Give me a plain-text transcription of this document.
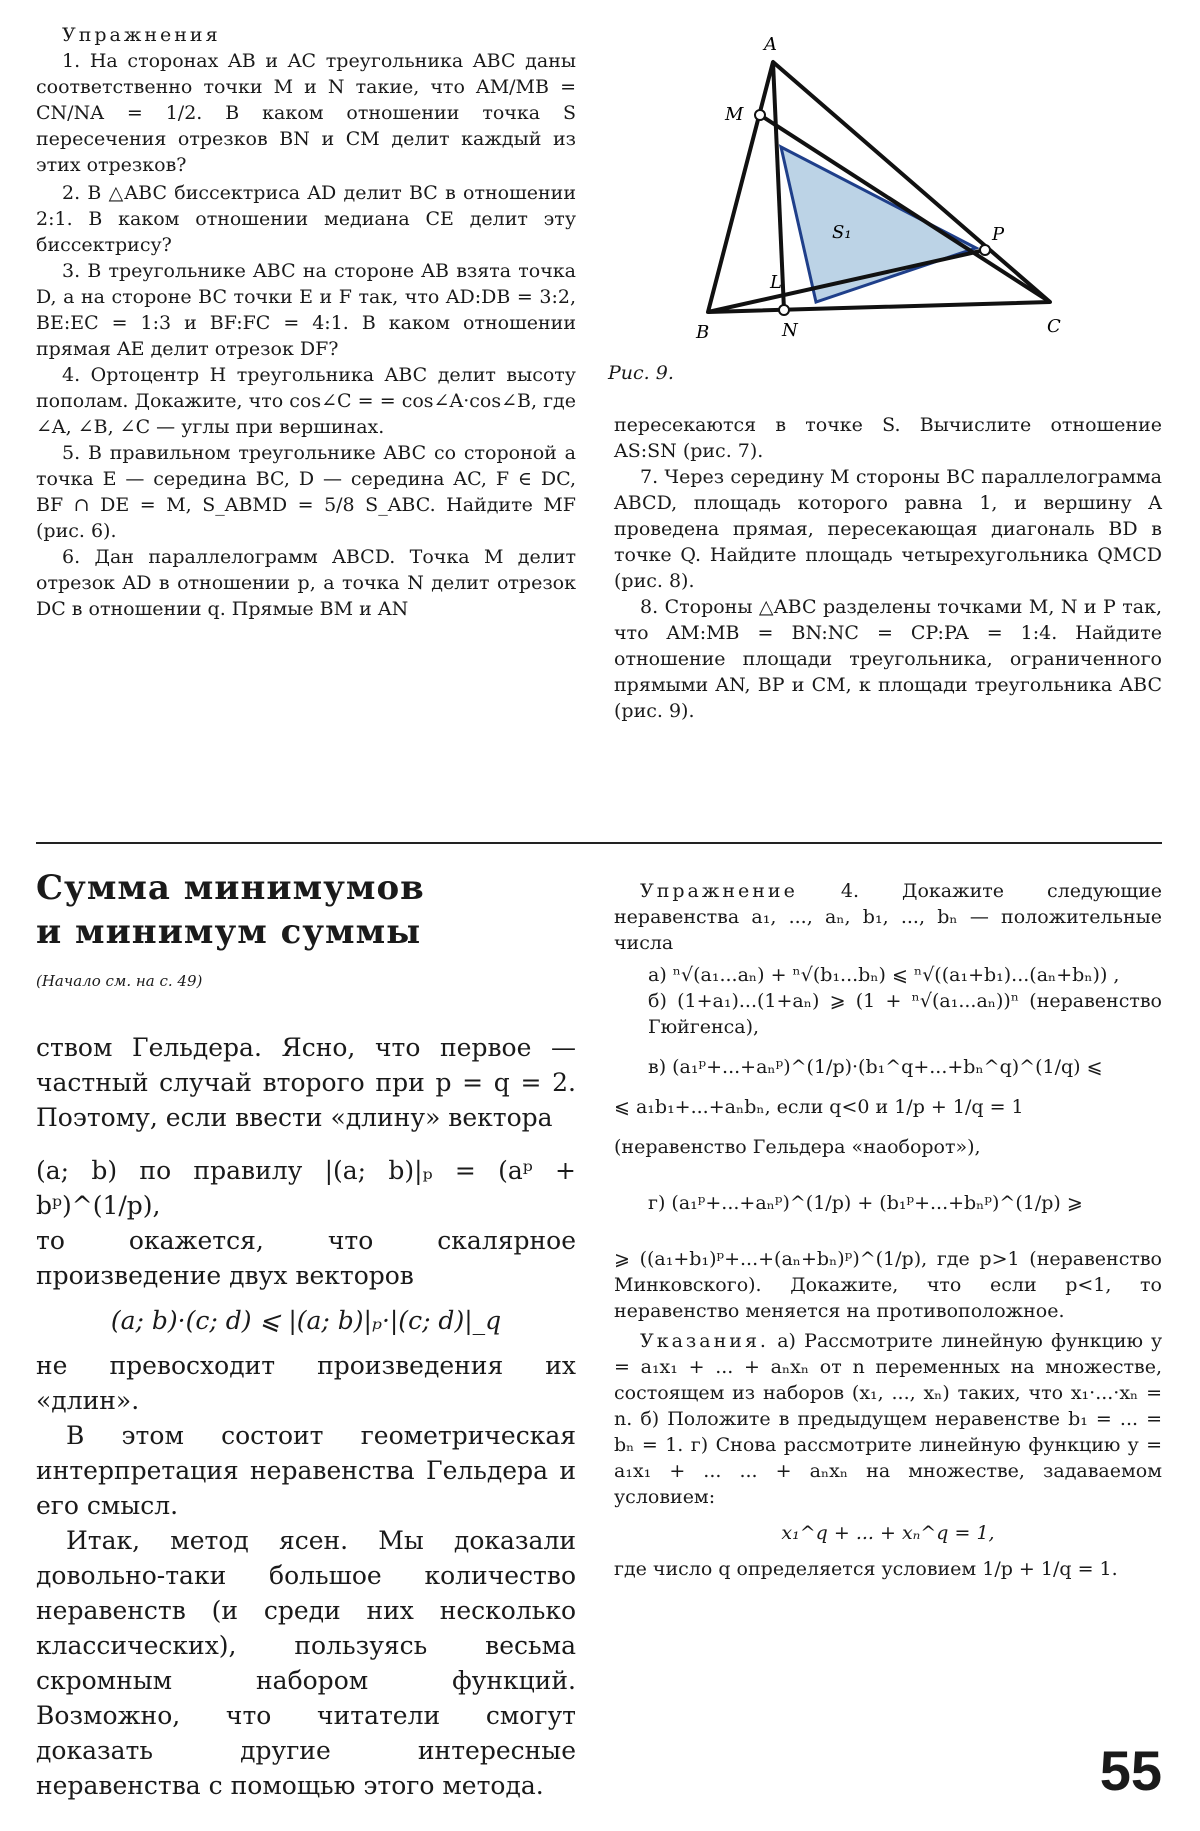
Упражнения

1. На сторонах AB и AC треугольника ABC даны соответственно точки M и N такие, что AM/MB = CN/NA = 1/2. В каком отношении точка S пересечения отрезков BN и CM делит каждый из этих отрезков?

2. В △ABC биссектриса AD делит BC в отношении 2:1. В каком отношении медиана CE делит эту биссектрису?

3. В треугольнике ABC на стороне AB взята точка D, а на стороне BC точки E и F так, что AD:DB = 3:2, BE:EC = 1:3 и BF:FC = 4:1. В каком отношении прямая AE делит отрезок DF?

4. Ортоцентр H треугольника ABC делит высоту пополам. Докажите, что cos∠C = = cos∠A·cos∠B, где ∠A, ∠B, ∠C — углы при вершинах.

5. В правильном треугольнике ABC со стороной a точка E — середина BC, D — середина AC, F ∈ DC, BF ∩ DE = M, S_ABMD = 5/8 S_ABC. Найдите MF (рис. 6).

6. Дан параллелограмм ABCD. Точка M делит отрезок AD в отношении p, а точка N делит отрезок DC в отношении q. Прямые BM и AN

A
B	C
M
N
P
L
S₁
Рис. 9.

пересекаются в точке S. Вычислите отношение AS:SN (рис. 7).

7. Через середину M стороны BC параллелограмма ABCD, площадь которого равна 1, и вершину A проведена прямая, пересекающая диагональ BD в точке Q. Найдите площадь четырехугольника QMCD (рис. 8).

8. Стороны △ABC разделены точками M, N и P так, что AM:MB = BN:NC = CP:PA = 1:4. Найдите отношение площади треугольника, ограниченного прямыми AN, BP и CM, к площади треугольника ABC (рис. 9).

Сумма минимумов
и минимум суммы

(Начало см. на с. 49)

ством Гельдера. Ясно, что первое — частный случай второго при p = q = 2. Поэтому, если ввести «длину» вектора

(a; b) по правилу |(a; b)|ₚ = (aᵖ + bᵖ)^(1/p),

то окажется, что скалярное произведение двух векторов

(a; b)·(c; d) ⩽ |(a; b)|ₚ·|(c; d)|_q

не превосходит произведения их «длин».

В этом состоит геометрическая интерпретация неравенства Гельдера и его смысл.

Итак, метод ясен. Мы доказали довольно-таки большое количество неравенств (и среди них несколько классических), пользуясь весьма скромным набором функций. Возможно, что читатели смогут доказать другие интересные неравенства с помощью этого метода.

Упражнение 4. Докажите следующие неравенства a₁, ..., aₙ, b₁, ..., bₙ — положительные числа

а) ⁿ√(a₁...aₙ) + ⁿ√(b₁...bₙ) ⩽ ⁿ√((a₁+b₁)...(aₙ+bₙ)) ,

б) (1+a₁)...(1+aₙ) ⩾ (1 + ⁿ√(a₁...aₙ))ⁿ (неравенство Гюйгенса),

в) (a₁ᵖ+...+aₙᵖ)^(1/p)·(b₁^q+...+bₙ^q)^(1/q) ⩽

⩽ a₁b₁+...+aₙbₙ, если q<0 и 1/p + 1/q = 1

(неравенство Гельдера «наоборот»),

г) (a₁ᵖ+...+aₙᵖ)^(1/p) + (b₁ᵖ+...+bₙᵖ)^(1/p) ⩾

⩾ ((a₁+b₁)ᵖ+...+(aₙ+bₙ)ᵖ)^(1/p), где p>1 (неравенство Минковского). Докажите, что если p<1, то неравенство меняется на противоположное.

Указания. а) Рассмотрите линейную функцию y = a₁x₁ + ... + aₙxₙ от n переменных на множестве, состоящем из наборов (x₁, ..., xₙ) таких, что x₁·...·xₙ = n. б) Положите в предыдущем неравенстве b₁ = ... = bₙ = 1. г) Снова рассмотрите линейную функцию y = a₁x₁ + ... ... + aₙxₙ на множестве, задаваемом условием:

x₁^q + ... + xₙ^q = 1,

где число q определяется условием 1/p + 1/q = 1.

55
